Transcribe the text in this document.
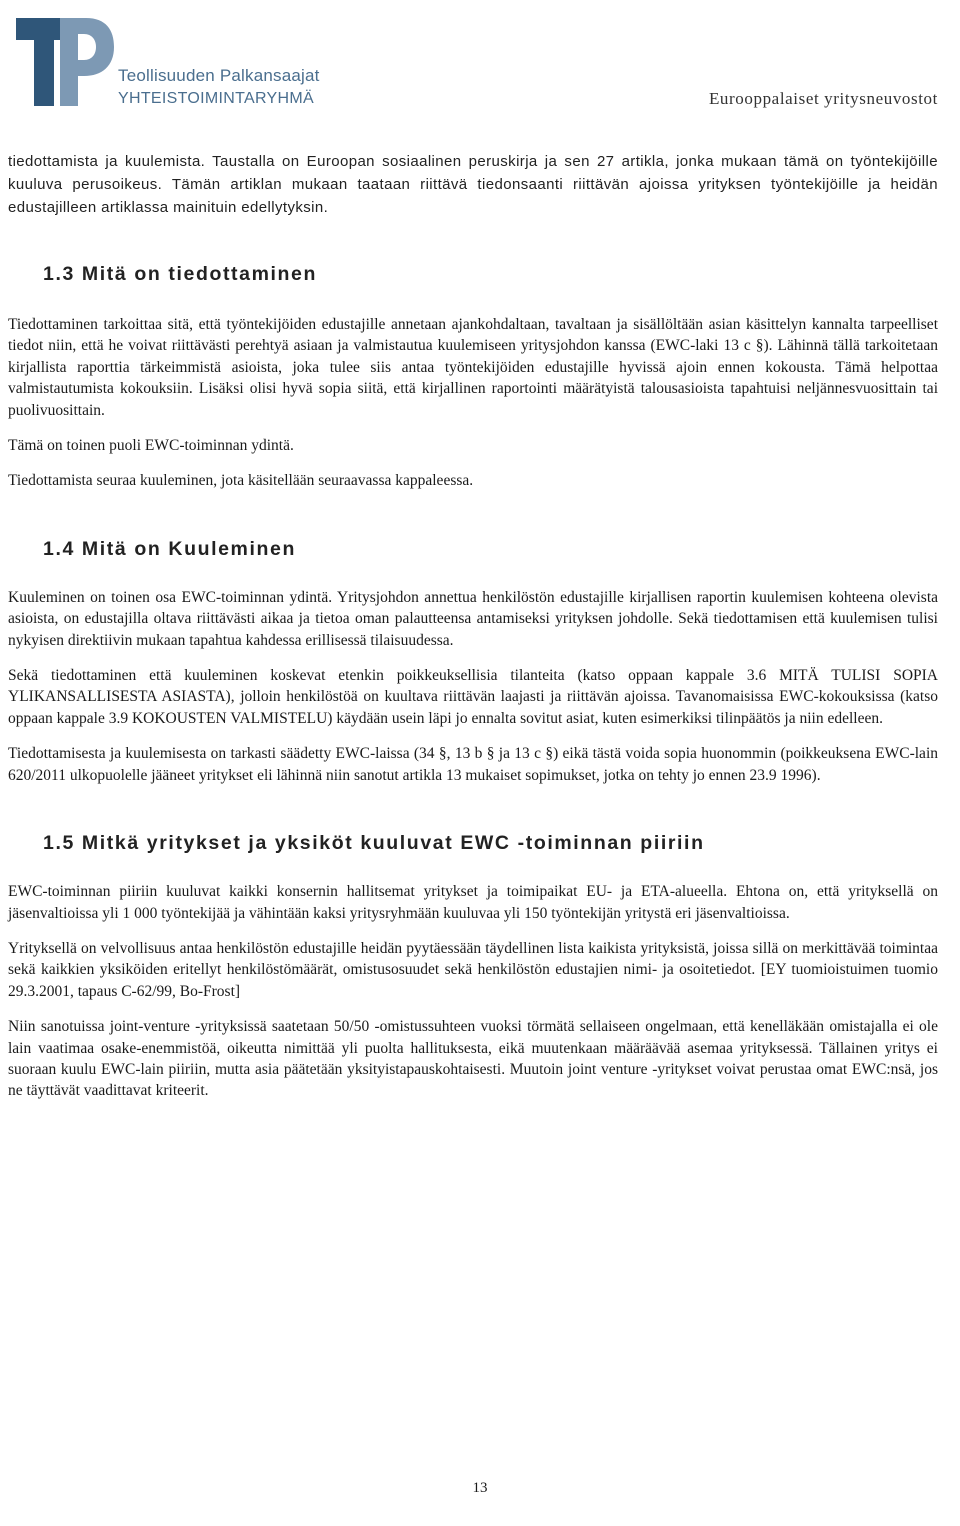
Teollisuuden Palkansaajat
YHTEISTOIMINTARYHMÄ	Eurooppalaiset yritysneuvostot

tiedottamista ja kuulemista. Taustalla on Euroopan sosiaalinen peruskirja ja sen 27 artikla, jonka mukaan tämä on työntekijöille kuuluva perusoikeus. Tämän artiklan mukaan taataan riittävä tiedonsaanti riittävän ajoissa yrityksen työntekijöille ja heidän edustajilleen artiklassa mainituin edellytyksin.

1.3 Mitä on tiedottaminen

Tiedottaminen tarkoittaa sitä, että työntekijöiden edustajille annetaan ajankohdaltaan, tavaltaan ja sisällöltään asian käsittelyn kannalta tarpeelliset tiedot niin, että he voivat riittävästi perehtyä asiaan ja valmistautua kuulemiseen yritysjohdon kanssa (EWC-laki 13 c §). Lähinnä tällä tarkoitetaan kirjallista raporttia tärkeimmistä asioista, joka tulee siis antaa työntekijöiden edustajille hyvissä ajoin ennen kokousta. Tämä helpottaa valmistautumista kokouksiin. Lisäksi olisi hyvä sopia siitä, että kirjallinen raportointi määrätyistä talousasioista tapahtuisi neljännesvuosittain tai puolivuosittain.

Tämä on toinen puoli EWC-toiminnan ydintä.

Tiedottamista seuraa kuuleminen, jota käsitellään seuraavassa kappaleessa.

1.4 Mitä on Kuuleminen

Kuuleminen on toinen osa EWC-toiminnan ydintä. Yritysjohdon annettua henkilöstön edustajille kirjallisen raportin kuulemisen kohteena olevista asioista, on edustajilla oltava riittävästi aikaa ja tietoa oman palautteensa antamiseksi yrityksen johdolle. Sekä tiedottamisen että kuulemisen tulisi nykyisen direktiivin mukaan tapahtua kahdessa erillisessä tilaisuudessa.

Sekä tiedottaminen että kuuleminen koskevat etenkin poikkeuksellisia tilanteita (katso oppaan kappale 3.6 MITÄ TULISI SOPIA YLIKANSALLISESTA ASIASTA), jolloin henkilöstöä on kuultava riittävän laajasti ja riittävän ajoissa. Tavanomaisissa EWC-kokouksissa (katso oppaan kappale 3.9 KOKOUSTEN VALMISTELU) käydään usein läpi jo ennalta sovitut asiat, kuten esimerkiksi tilinpäätös ja niin edelleen.

Tiedottamisesta ja kuulemisesta on tarkasti säädetty EWC-laissa (34 §, 13 b § ja 13 c §) eikä tästä voida sopia huonommin (poikkeuksena EWC-lain 620/2011 ulkopuolelle jääneet yritykset eli lähinnä niin sanotut artikla 13 mukaiset sopimukset, jotka on tehty jo ennen 23.9 1996).

1.5 Mitkä yritykset ja yksiköt kuuluvat EWC -toiminnan piiriin

EWC-toiminnan piiriin kuuluvat kaikki konsernin hallitsemat yritykset ja toimipaikat EU- ja ETA-alueella. Ehtona on, että yrityksellä on jäsenvaltioissa yli 1 000 työntekijää ja vähintään kaksi yritysryhmään kuuluvaa yli 150 työntekijän yritystä eri jäsenvaltioissa.

Yrityksellä on velvollisuus antaa henkilöstön edustajille heidän pyytäessään täydellinen lista kaikista yrityksistä, joissa sillä on merkittävää toimintaa sekä kaikkien yksiköiden eritellyt henkilöstömäärät, omistusosuudet sekä henkilöstön edustajien nimi- ja osoitetiedot. [EY tuomioistuimen tuomio 29.3.2001, tapaus C-62/99, Bo-Frost]

Niin sanotuissa joint-venture -yrityksissä saatetaan 50/50 -omistussuhteen vuoksi törmätä sellaiseen ongelmaan, että kenelläkään omistajalla ei ole lain vaatimaa osake-enemmistöä, oikeutta nimittää yli puolta hallituksesta, eikä muutenkaan määräävää asemaa yrityksessä. Tällainen yritys ei suoraan kuulu EWC-lain piiriin, mutta asia päätetään yksityistapauskohtaisesti. Muutoin joint venture -yritykset voivat perustaa omat EWC:nsä, jos ne täyttävät vaadittavat kriteerit.

13
